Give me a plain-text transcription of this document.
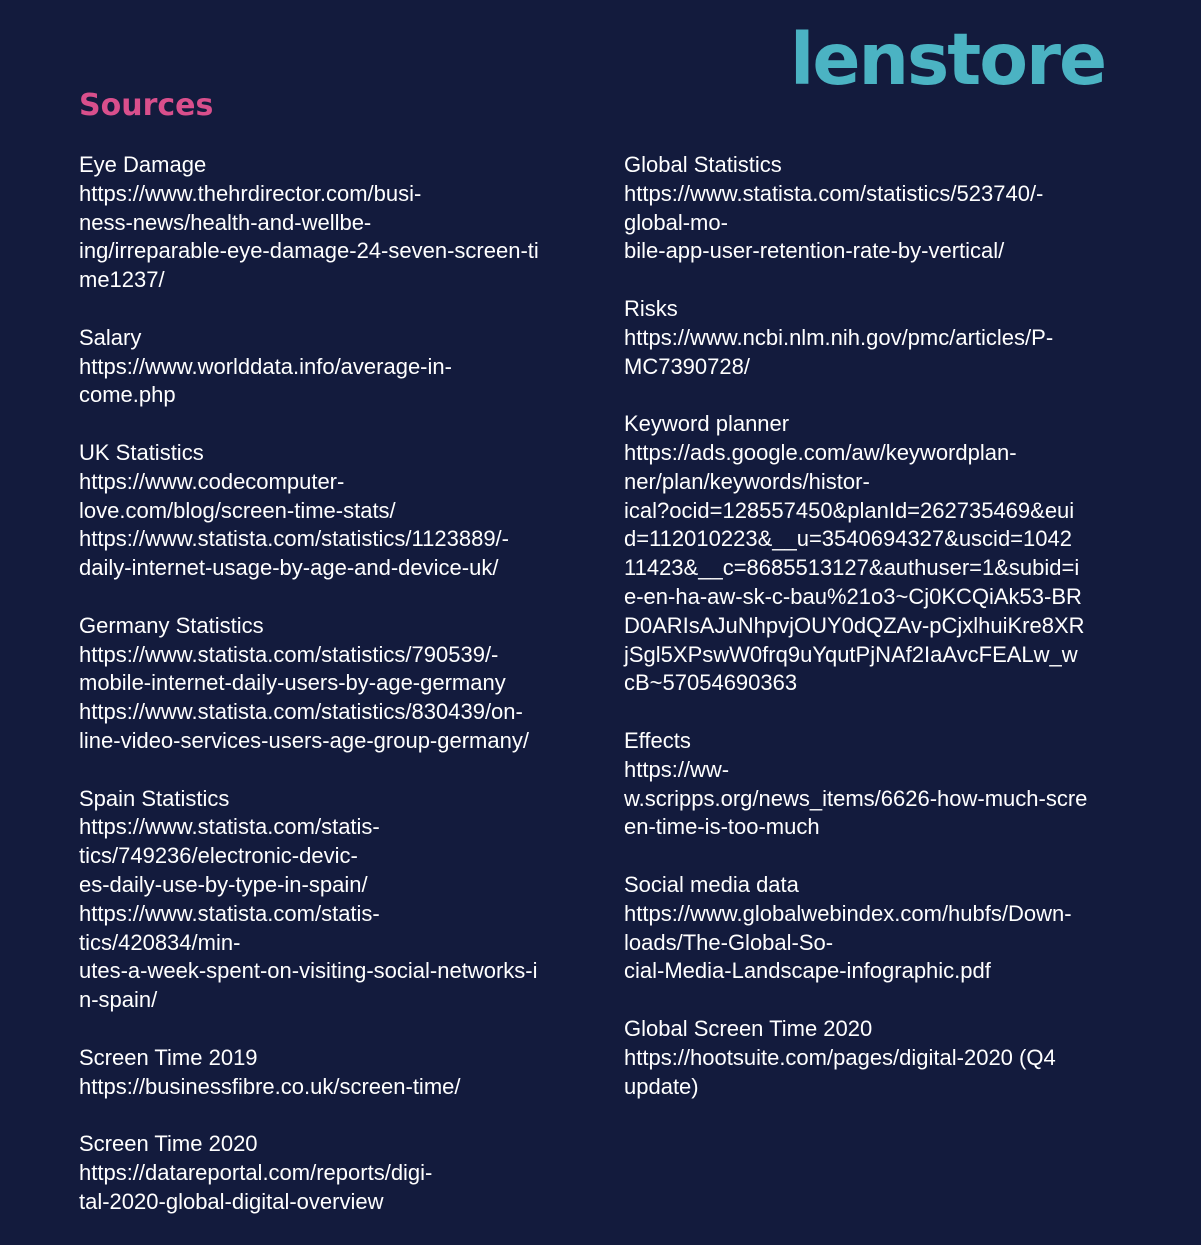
lenstore
Sources
Eye Damage
https://www.thehrdirector.com/busi-
ness-news/health-and-wellbe-
ing/irreparable-eye-damage-24-seven-screen-ti
me1237/
Salary
https://www.worlddata.info/average-in-
come.php
UK Statistics
https://www.codecomputer-
love.com/blog/screen-time-stats/
https://www.statista.com/statistics/1123889/-
daily-internet-usage-by-age-and-device-uk/
Germany Statistics
https://www.statista.com/statistics/790539/-
mobile-internet-daily-users-by-age-germany
https://www.statista.com/statistics/830439/on-
line-video-services-users-age-group-germany/
Spain Statistics
https://www.statista.com/statis-
tics/749236/electronic-devic-
es-daily-use-by-type-in-spain/
https://www.statista.com/statis-
tics/420834/min-
utes-a-week-spent-on-visiting-social-networks-i
n-spain/
Screen Time 2019
https://businessfibre.co.uk/screen-time/
Screen Time 2020
https://datareportal.com/reports/digi-
tal-2020-global-digital-overview
Global Statistics
https://www.statista.com/statistics/523740/-
global-mo-
bile-app-user-retention-rate-by-vertical/
Risks
https://www.ncbi.nlm.nih.gov/pmc/articles/P-
MC7390728/
Keyword planner
https://ads.google.com/aw/keywordplan-
ner/plan/keywords/histor-
ical?ocid=128557450&planId=262735469&eui
d=112010223&__u=3540694327&uscid=1042
11423&__c=8685513127&authuser=1&subid=i
e-en-ha-aw-sk-c-bau%21o3~Cj0KCQiAk53-BR
D0ARIsAJuNhpvjOUY0dQZAv-pCjxlhuiKre8XR
jSgl5XPswW0frq9uYqutPjNAf2IaAvcFEALw_w
cB~57054690363
Effects
https://ww-
w.scripps.org/news_items/6626-how-much-scre
en-time-is-too-much
Social media data
https://www.globalwebindex.com/hubfs/Down-
loads/The-Global-So-
cial-Media-Landscape-infographic.pdf
Global Screen Time 2020
https://hootsuite.com/pages/digital-2020 (Q4
update)
